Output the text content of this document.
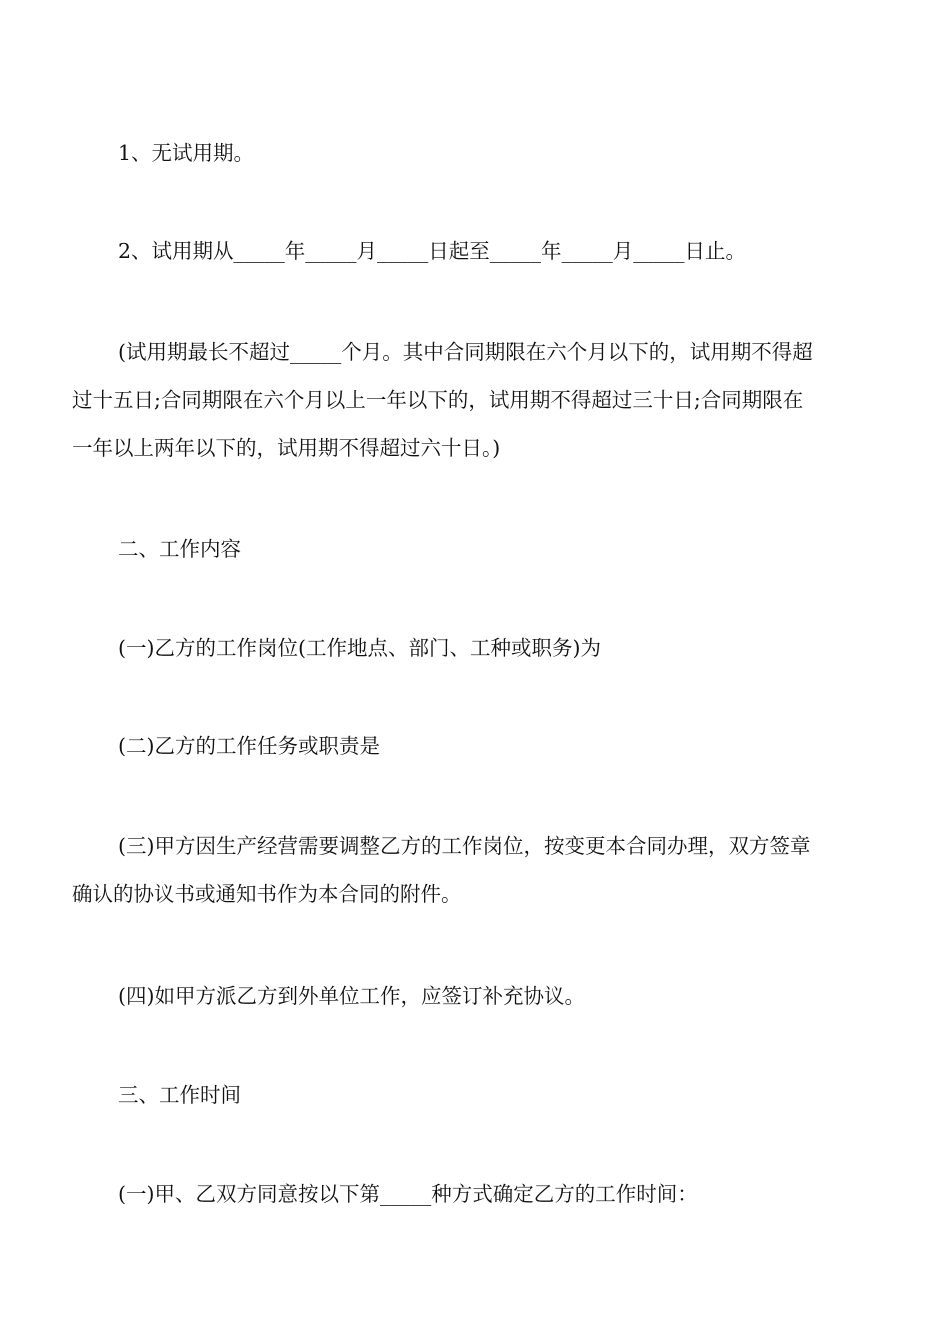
1、无试用期。

2、试用期从_____年_____月_____日起至_____年_____月_____日止。

(试用期最长不超过_____个月。其中合同期限在六个月以下的，试用期不得超
过十五日;合同期限在六个月以上一年以下的，试用期不得超过三十日;合同期限在
一年以上两年以下的，试用期不得超过六十日。)

二、工作内容

(一)乙方的工作岗位(工作地点、部门、工种或职务)为

(二)乙方的工作任务或职责是

(三)甲方因生产经营需要调整乙方的工作岗位，按变更本合同办理，双方签章
确认的协议书或通知书作为本合同的附件。

(四)如甲方派乙方到外单位工作，应签订补充协议。

三、工作时间

(一)甲、乙双方同意按以下第_____种方式确定乙方的工作时间：
